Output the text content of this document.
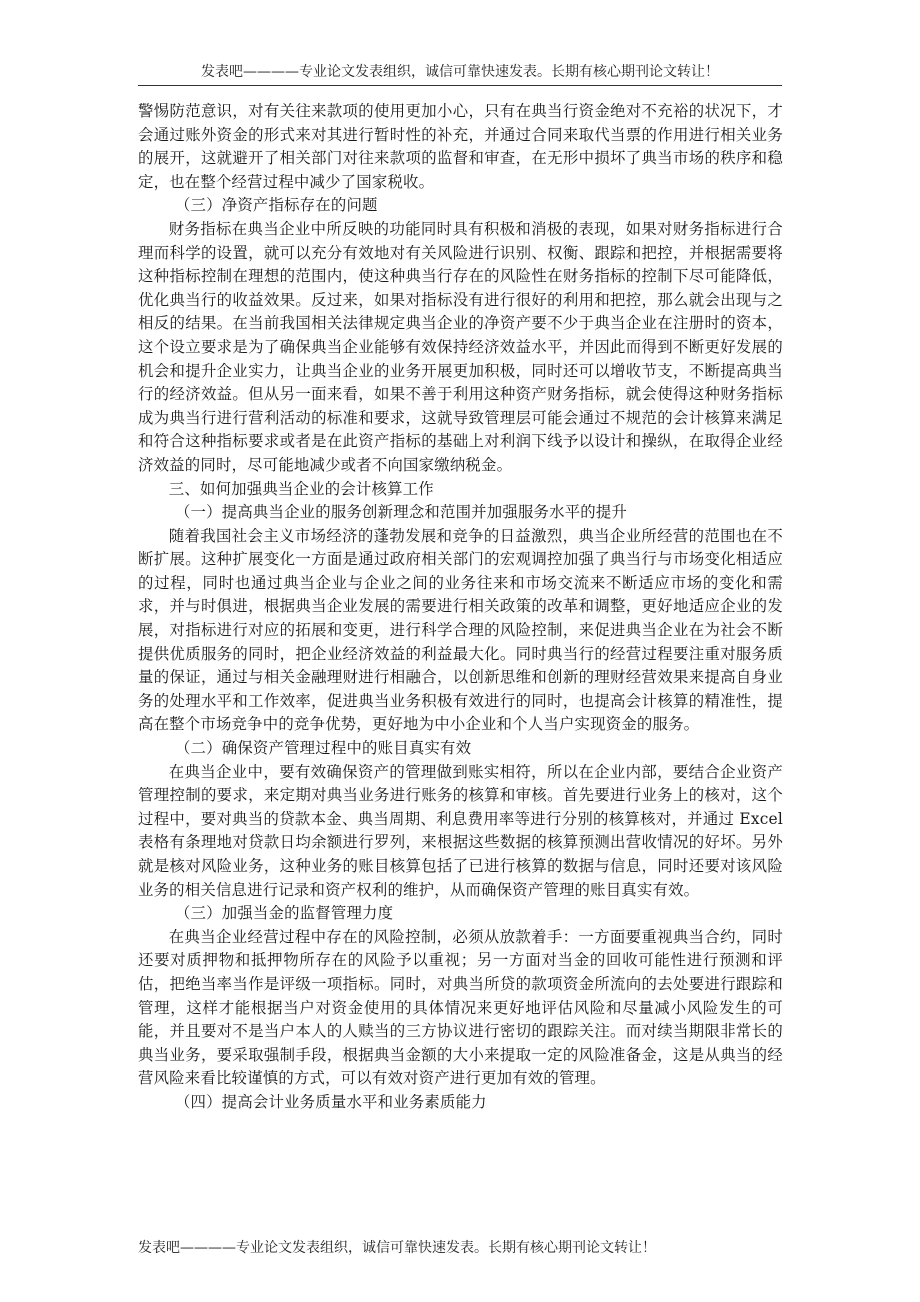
发表吧————专业论文发表组织，诚信可靠快速发表。长期有核心期刊论文转让！

警惕防范意识，对有关往来款项的使用更加小心，只有在典当行资金绝对不充裕的状况下，才会通过账外资金的形式来对其进行暂时性的补充，并通过合同来取代当票的作用进行相关业务的展开，这就避开了相关部门对往来款项的监督和审查，在无形中损坏了典当市场的秩序和稳定，也在整个经营过程中减少了国家税收。

（三）净资产指标存在的问题

财务指标在典当企业中所反映的功能同时具有积极和消极的表现，如果对财务指标进行合理而科学的设置，就可以充分有效地对有关风险进行识别、权衡、跟踪和把控，并根据需要将这种指标控制在理想的范围内，使这种典当行存在的风险性在财务指标的控制下尽可能降低，优化典当行的收益效果。反过来，如果对指标没有进行很好的利用和把控，那么就会出现与之相反的结果。在当前我国相关法律规定典当企业的净资产要不少于典当企业在注册时的资本，这个设立要求是为了确保典当企业能够有效保持经济效益水平，并因此而得到不断更好发展的机会和提升企业实力，让典当企业的业务开展更加积极，同时还可以增收节支，不断提高典当行的经济效益。但从另一面来看，如果不善于利用这种资产财务指标，就会使得这种财务指标成为典当行进行营利活动的标准和要求，这就导致管理层可能会通过不规范的会计核算来满足和符合这种指标要求或者是在此资产指标的基础上对利润下线予以设计和操纵，在取得企业经济效益的同时，尽可能地减少或者不向国家缴纳税金。

三、如何加强典当企业的会计核算工作

（一）提高典当企业的服务创新理念和范围并加强服务水平的提升

随着我国社会主义市场经济的蓬勃发展和竞争的日益激烈，典当企业所经营的范围也在不断扩展。这种扩展变化一方面是通过政府相关部门的宏观调控加强了典当行与市场变化相适应的过程，同时也通过典当企业与企业之间的业务往来和市场交流来不断适应市场的变化和需求，并与时俱进，根据典当企业发展的需要进行相关政策的改革和调整，更好地适应企业的发展，对指标进行对应的拓展和变更，进行科学合理的风险控制，来促进典当企业在为社会不断提供优质服务的同时，把企业经济效益的利益最大化。同时典当行的经营过程要注重对服务质量的保证，通过与相关金融理财进行相融合，以创新思维和创新的理财经营效果来提高自身业务的处理水平和工作效率，促进典当业务积极有效进行的同时，也提高会计核算的精准性，提高在整个市场竞争中的竞争优势，更好地为中小企业和个人当户实现资金的服务。

（二）确保资产管理过程中的账目真实有效

在典当企业中，要有效确保资产的管理做到账实相符，所以在企业内部，要结合企业资产管理控制的要求，来定期对典当业务进行账务的核算和审核。首先要进行业务上的核对，这个过程中，要对典当的贷款本金、典当周期、利息费用率等进行分别的核算核对，并通过 Excel 表格有条理地对贷款日均余额进行罗列，来根据这些数据的核算预测出营收情况的好坏。另外就是核对风险业务，这种业务的账目核算包括了已进行核算的数据与信息，同时还要对该风险业务的相关信息进行记录和资产权利的维护，从而确保资产管理的账目真实有效。

（三）加强当金的监督管理力度

在典当企业经营过程中存在的风险控制，必须从放款着手：一方面要重视典当合约，同时还要对质押物和抵押物所存在的风险予以重视；另一方面对当金的回收可能性进行预测和评估，把绝当率当作是评级一项指标。同时，对典当所贷的款项资金所流向的去处要进行跟踪和管理，这样才能根据当户对资金使用的具体情况来更好地评估风险和尽量减小风险发生的可能，并且要对不是当户本人的人赎当的三方协议进行密切的跟踪关注。而对续当期限非常长的典当业务，要采取强制手段，根据典当金额的大小来提取一定的风险准备金，这是从典当的经营风险来看比较谨慎的方式，可以有效对资产进行更加有效的管理。

（四）提高会计业务质量水平和业务素质能力

发表吧————专业论文发表组织，诚信可靠快速发表。长期有核心期刊论文转让！
